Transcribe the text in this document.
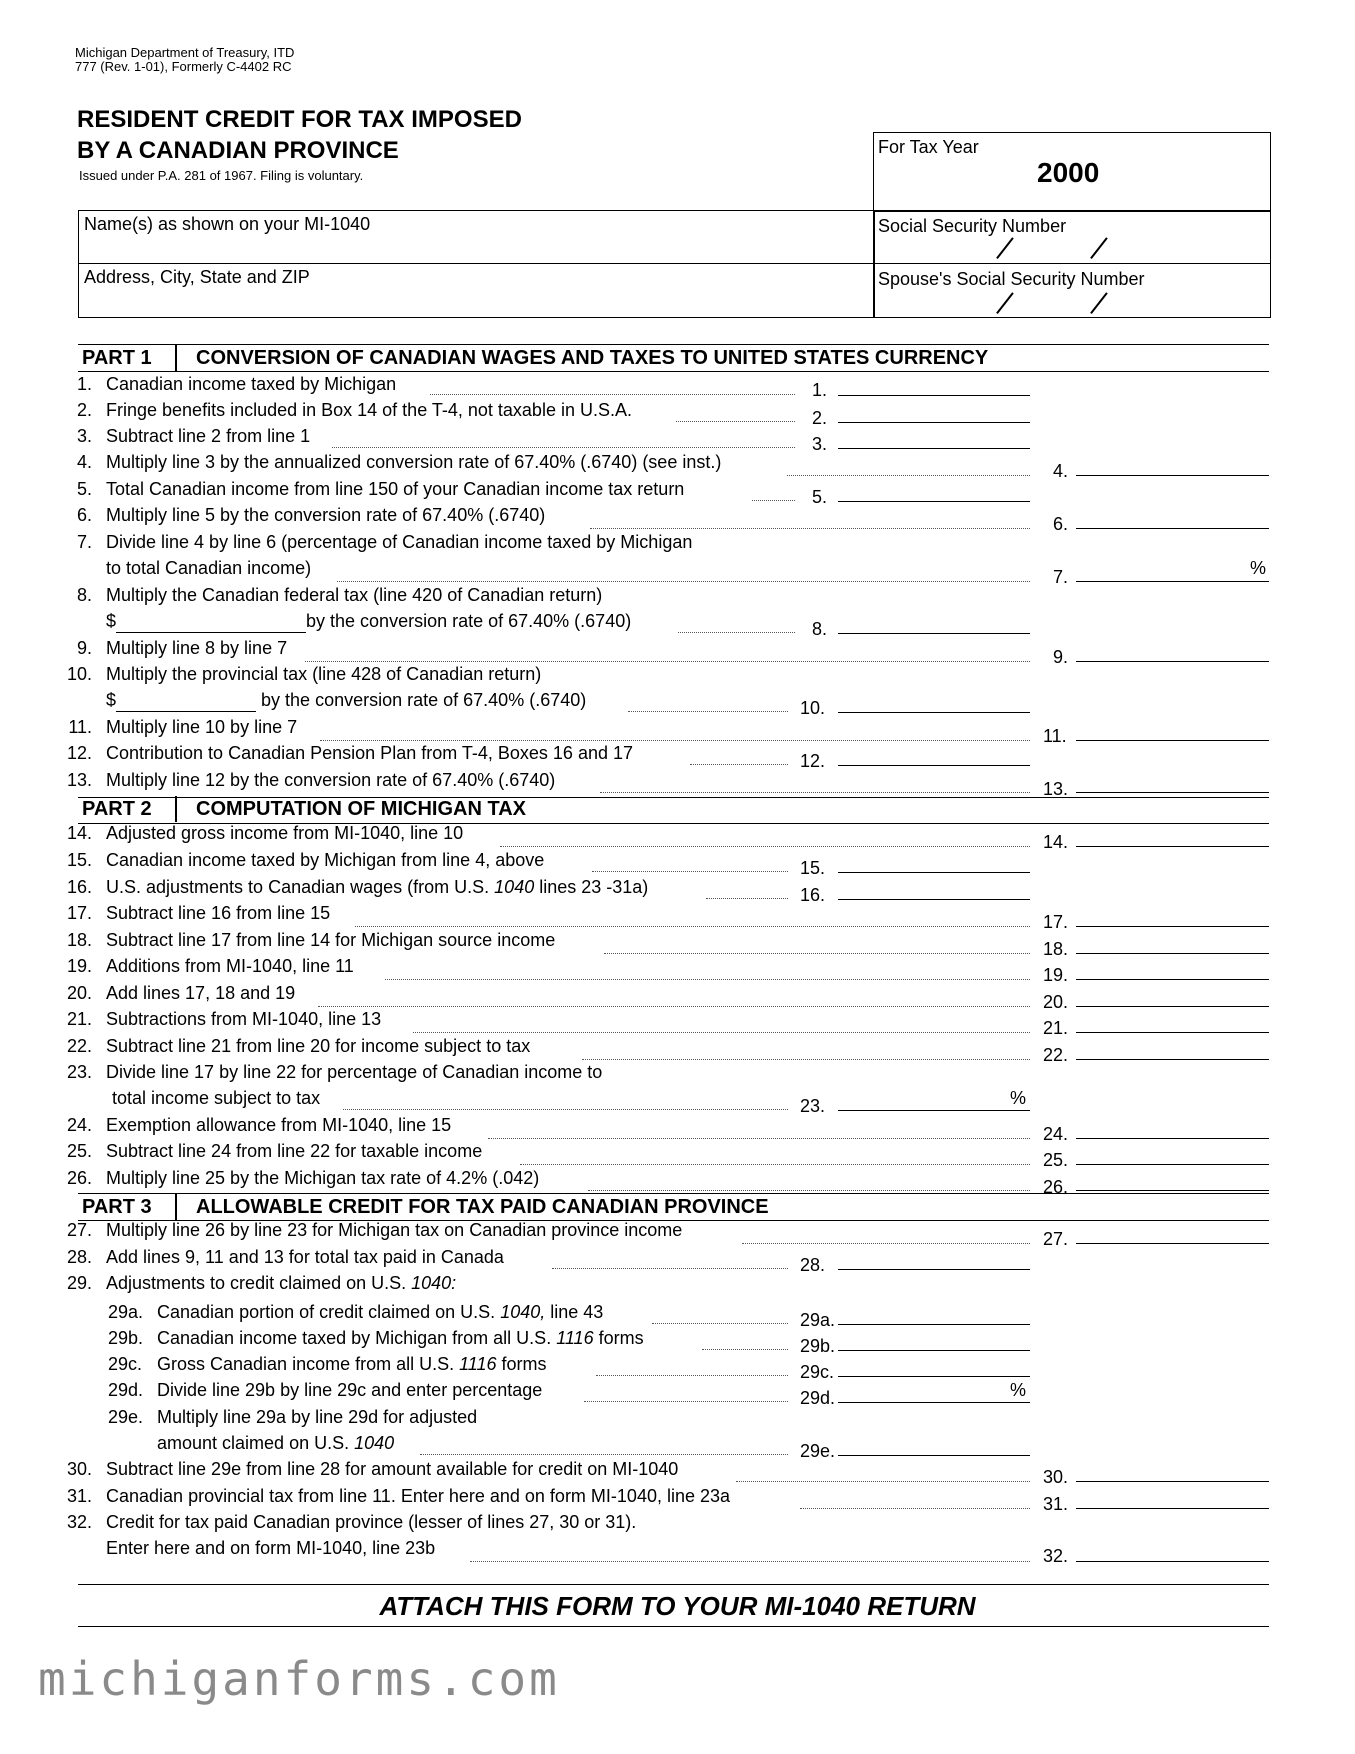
Michigan Department of Treasury, ITD
777 (Rev. 1-01), Formerly C-4402 RC
RESIDENT CREDIT FOR TAX IMPOSED
BY A CANADIAN PROVINCE
Issued under P.A. 281 of 1967. Filing is voluntary.
For Tax Year
2000
Name(s) as shown on your MI-1040	Social Security Number
Address, City, State and ZIP	Spouse's Social Security Number
PART 1 CONVERSION OF CANADIAN WAGES AND TAXES TO UNITED STATES CURRENCY
PART 2 COMPUTATION OF MICHIGAN TAX
PART 3 ALLOWABLE CREDIT FOR TAX PAID CANADIAN PROVINCE
1. Canadian income taxed by Michigan	1.
2. Fringe benefits included in Box 14 of the T-4, not taxable in U.S.A.	2.
3. Subtract line 2 from line 1	3.
4. Multiply line 3 by the annualized conversion rate of 67.40% (.6740) (see inst.)	4.
5. Total Canadian income from line 150 of your Canadian income tax return	5.
6. Multiply line 5 by the conversion rate of 67.40% (.6740)	6.
7. Divide line 4 by line 6 (percentage of Canadian income taxed by Michigan
to total Canadian income)	7.	%
8. Multiply the Canadian federal tax (line 420 of Canadian return)
$	by the conversion rate of 67.40% (.6740)	8.
9. Multiply line 8 by line 7	9.
10. Multiply the provincial tax (line 428 of Canadian return)
$	by the conversion rate of 67.40% (.6740)	10.
11. Multiply line 10 by line 7	11.
12. Contribution to Canadian Pension Plan from T-4, Boxes 16 and 17	12.
13. Multiply line 12 by the conversion rate of 67.40% (.6740)	13.
14. Adjusted gross income from MI-1040, line 10	14.
15. Canadian income taxed by Michigan from line 4, above	15.
16. U.S. adjustments to Canadian wages (from U.S. 1040 lines 23 -31a)	16.
17. Subtract line 16 from line 15	17.
18. Subtract line 17 from line 14 for Michigan source income	18.
19. Additions from MI-1040, line 11	19.
20. Add lines 17, 18 and 19	20.
21. Subtractions from MI-1040, line 13	21.
22. Subtract line 21 from line 20 for income subject to tax	22.
23. Divide line 17 by line 22 for percentage of Canadian income to
total income subject to tax	23.	%
24. Exemption allowance from MI-1040, line 15	24.
25. Subtract line 24 from line 22 for taxable income	25.
26. Multiply line 25 by the Michigan tax rate of 4.2% (.042)	26.
27. Multiply line 26 by line 23 for Michigan tax on Canadian province income	27.
28. Add lines 9, 11 and 13 for total tax paid in Canada	28.
29. Adjustments to credit claimed on U.S. 1040:
29a. Canadian portion of credit claimed on U.S. 1040, line 43	29a.
29b. Canadian income taxed by Michigan from all U.S. 1116 forms	29b.
29c. Gross Canadian income from all U.S. 1116 forms	29c.
29d. Divide line 29b by line 29c and enter percentage	29d.	%
29e. Multiply line 29a by line 29d for adjusted
amount claimed on U.S. 1040	29e.
30. Subtract line 29e from line 28 for amount available for credit on MI-1040	30.
31. Canadian provincial tax from line 11. Enter here and on form MI-1040, line 23a	31.
32. Credit for tax paid Canadian province (lesser of lines 27, 30 or 31).
Enter here and on form MI-1040, line 23b	32.
ATTACH THIS FORM TO YOUR MI-1040 RETURN
michiganforms.com
